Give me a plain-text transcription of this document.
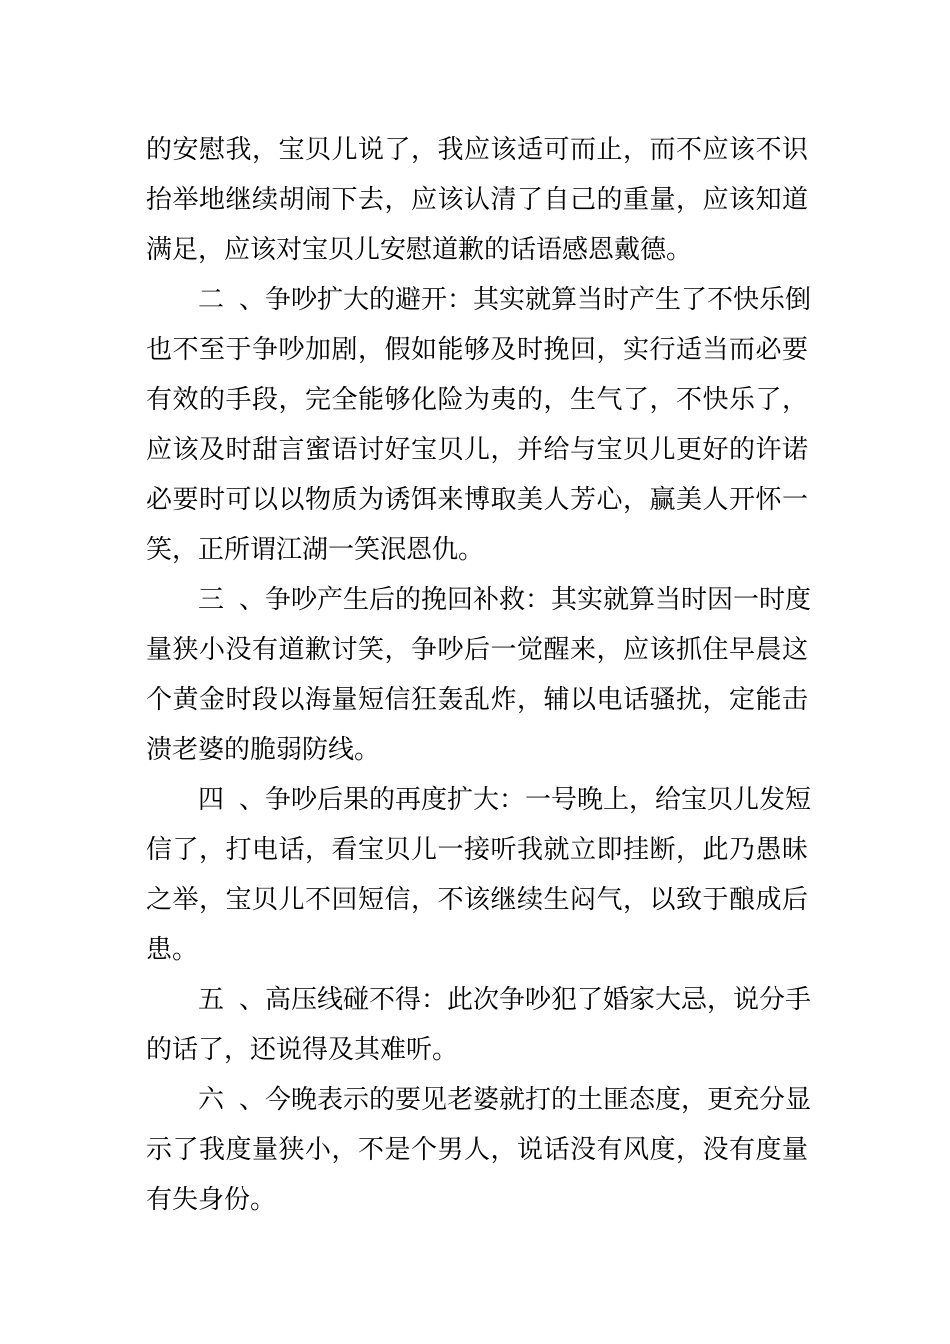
的安慰我，宝贝儿说了，我应该适可而止，而不应该不识
抬举地继续胡闹下去，应该认清了自己的重量，应该知道
满足，应该对宝贝儿安慰道歉的话语感恩戴德。
二、争吵扩大的避开：其实就算当时产生了不快乐倒
也不至于争吵加剧，假如能够及时挽回，实行适当而必要
有效的手段，完全能够化险为夷的，生气了，不快乐了，
应该及时甜言蜜语讨好宝贝儿，并给与宝贝儿更好的许诺
必要时可以以物质为诱饵来博取美人芳心，赢美人开怀一
笑，正所谓江湖一笑泯恩仇。
三、争吵产生后的挽回补救：其实就算当时因一时度
量狭小没有道歉讨笑，争吵后一觉醒来，应该抓住早晨这
个黄金时段以海量短信狂轰乱炸，辅以电话骚扰，定能击
溃老婆的脆弱防线。
四、争吵后果的再度扩大：一号晚上，给宝贝儿发短
信了，打电话，看宝贝儿一接听我就立即挂断，此乃愚昧
之举，宝贝儿不回短信，不该继续生闷气，以致于酿成后
患。
五、高压线碰不得：此次争吵犯了婚家大忌，说分手
的话了，还说得及其难听。
六、今晚表示的要见老婆就打的土匪态度，更充分显
示了我度量狭小，不是个男人，说话没有风度，没有度量
有失身份。
